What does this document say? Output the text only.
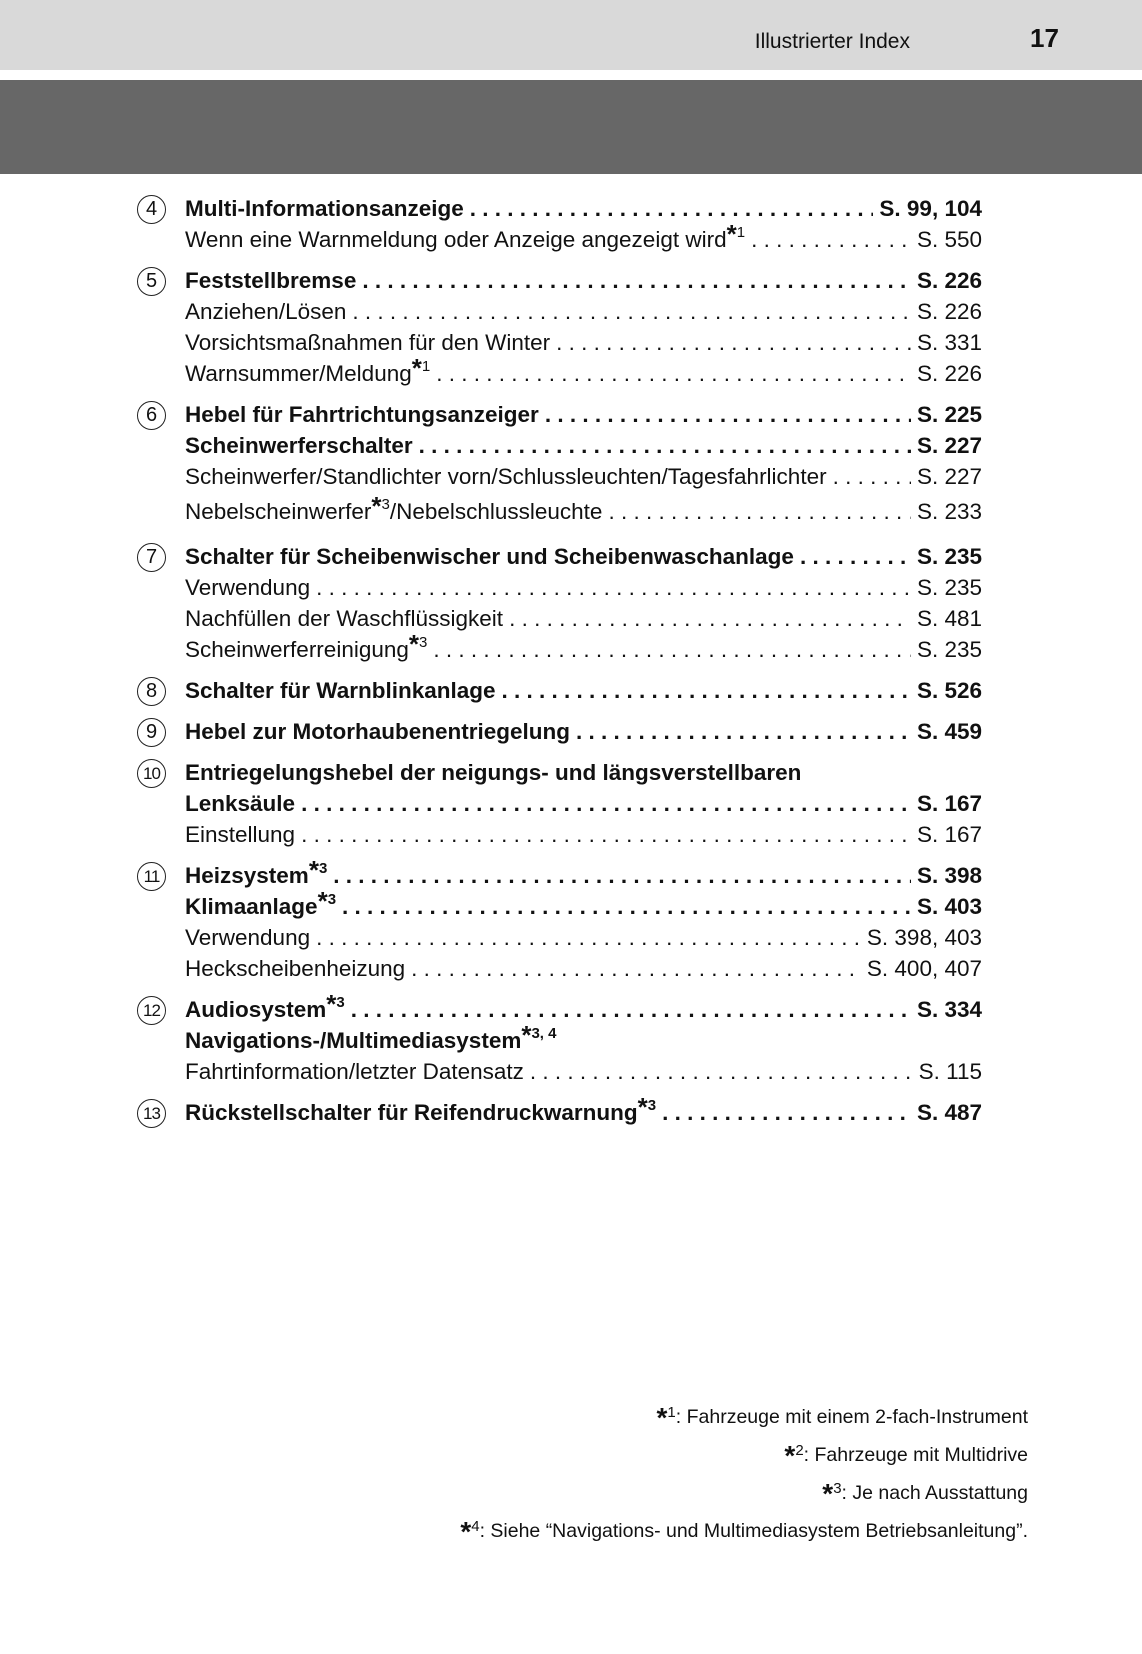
Illustrierter Index	17
4	Multi-Informationsanzeige . . .	S. 99, 104
Wenn eine Warnmeldung oder Anzeige angezeigt wird$^{*1}$ . . .	S. 550
5	Feststellbremse . . .	S. 226
Anziehen/Lösen . . .	S. 226
Vorsichtsmaßnahmen für den Winter . . .	S. 331
Warnsummer/Meldung$^{*1}$ . . .	S. 226
6	Hebel für Fahrtrichtungsanzeiger . . .	S. 225
Scheinwerferschalter . . .	S. 227
Scheinwerfer/Standlichter vorn/Schlussleuchten/Tagesfahrlichter . . .	S. 227
Nebelscheinwerfer$^{*3}$/Nebelschlussleuchte . . .	S. 233
7	Schalter für Scheibenwischer und Scheibenwaschanlage . . .	S. 235
Verwendung . . .	S. 235
Nachfüllen der Waschflüssigkeit . . .	S. 481
Scheinwerferreinigung$^{*3}$ . . .	S. 235
8	Schalter für Warnblinkanlage . . .	S. 526
9	Hebel zur Motorhaubenentriegelung . . .	S. 459
10 Entriegelungshebel der neigungs- und längsverstellbaren
Lenksäule . . .	S. 167
Einstellung . . .	S. 167
11 Heizsystem$^{*3}$ . . .	S. 398
Klimaanlage$^{*3}$ . . .	S. 403
Verwendung . . .	S. 398, 403
Heckscheibenheizung . . .	S. 400, 407
12 Audiosystem$^{*3}$ . . .	S. 334
Navigations-/Multimediasystem$^{*3, 4}$
Fahrtinformation/letzter Datensatz . . .	S. 115
13 Rückstellschalter für Reifendruckwarnung$^{*3}$ . . .	S. 487
$*_1$: Fahrzeuge mit einem 2-fach-Instrument
$*_2$: Fahrzeuge mit Multidrive
$*_3$: Je nach Ausstattung
$*_4$: Siehe “Navigations- und Multimediasystem Betriebsanleitung”.
